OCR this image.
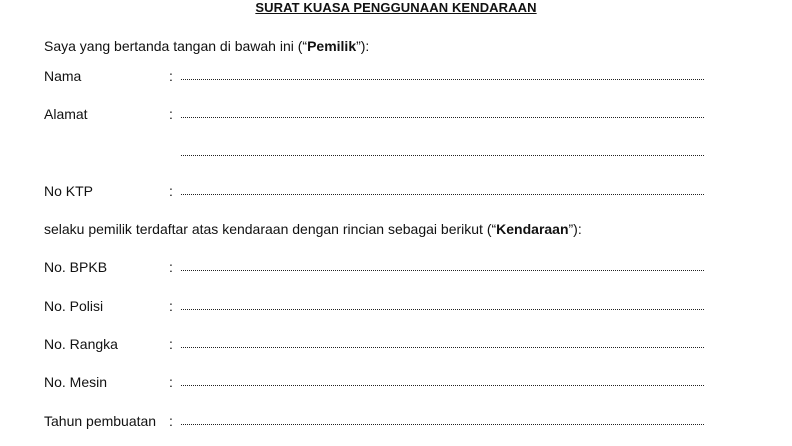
SURAT KUASA PENGGUNAAN KENDARAAN
Saya yang bertanda tangan di bawah ini (“Pemilik”):
Nama	:
Alamat	:
No KTP	:
selaku pemilik terdaftar atas kendaraan dengan rincian sebagai berikut (“Kendaraan”):
No. BPKB	:
No. Polisi	:
No. Rangka	:
No. Mesin	:
Tahun pembuatan :
